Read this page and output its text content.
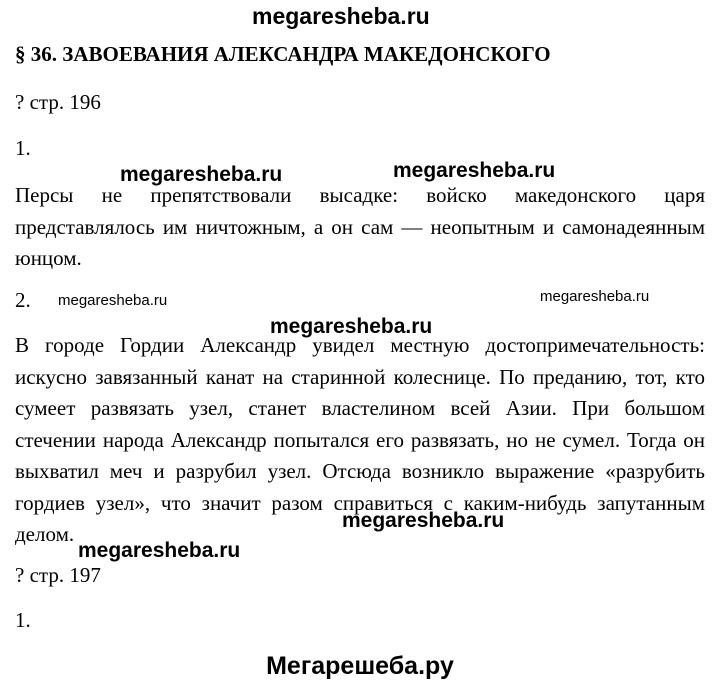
megaresheba.ru
§ 36. ЗАВОЕВАНИЯ АЛЕКСАНДРА МАКЕДОНСКОГО
? стр. 196
1.
megaresheba.ru	megaresheba.ru

Персы не препятствовали высадке: войско македонского царя представлялось им ничтожным, а он сам — неопытным и самонадеянным юнцом.

2. megaresheba.ru	megaresheba.ru
megaresheba.ru

В городе Гордии Александр увидел местную достопримечательность: искусно завязанный канат на старинной колеснице. По преданию, тот, кто сумеет развязать узел, станет властелином всей Азии. При большом стечении народа Александр попытался его развязать, но не сумел. Тогда он выхватил меч и разрубил узел. Отсюда возникло выражение «разрубить гордиев узел», что значит разом справиться с каким-нибудь запутанным делом.

megaresheba.ru
megaresheba.ru
? стр. 197
1.
Мегарешеба.ру
